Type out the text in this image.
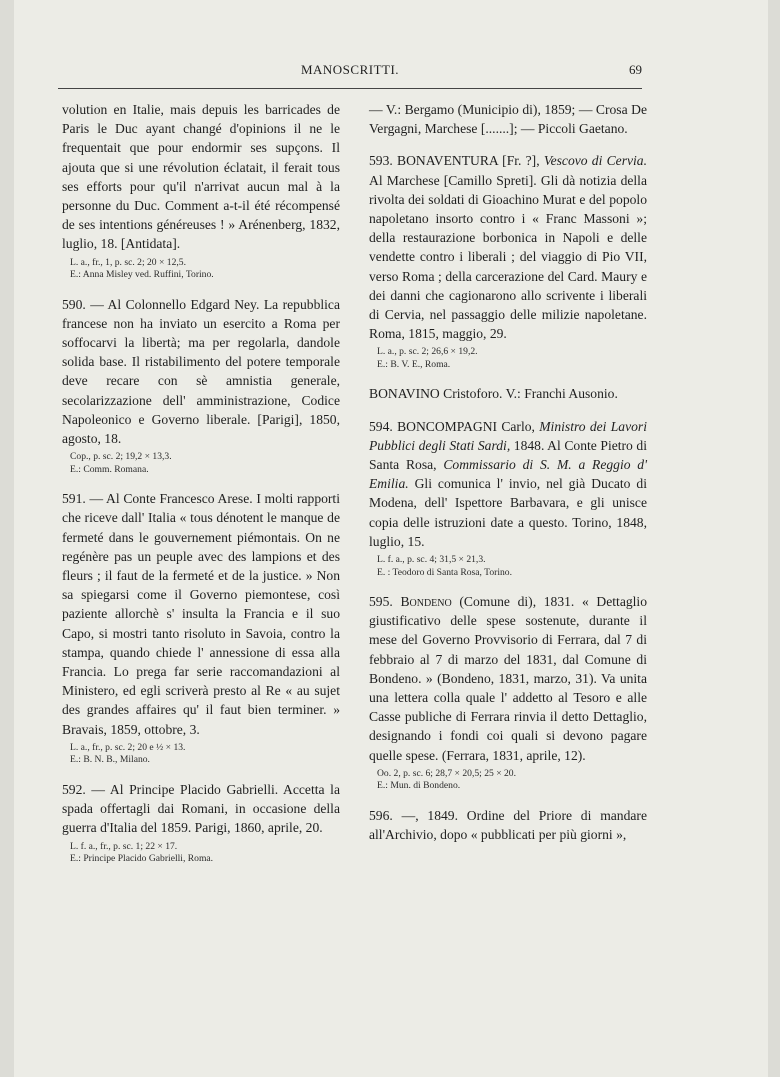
MANOSCRITTI.	69

volution en Italie, mais depuis les barricades de Paris le Duc ayant changé d'opinions il ne le frequentait que pour endormir ses supçons. Il ajouta que si une révolution éclatait, il ferait tous ses efforts pour qu'il n'arrivat aucun mal à la personne du Duc. Comment a-t-il été récompensé de ses intentions généreuses ! » Arénenberg, 1832, luglio, 18. [Antidata].

L. a., fr., 1, p. sc. 2; 20 × 12,5.
E.: Anna Misley ved. Ruffini, Torino.

590. — Al Colonnello Edgard Ney. La repubblica francese non ha inviato un esercito a Roma per soffocarvi la libertà; ma per regolarla, dandole solida base. Il ristabilimento del potere temporale deve recare con sè amnistia generale, secolarizzazione dell' amministrazione, Codice Napoleonico e Governo liberale. [Parigi], 1850, agosto, 18.

Cop., p. sc. 2; 19,2 × 13,3.
E.: Comm. Romana.

591. — Al Conte Francesco Arese. I molti rapporti che riceve dall' Italia « tous dénotent le manque de fermeté dans le gouvernement piémontais. On ne regénère pas un peuple avec des lampions et des fleurs ; il faut de la fermeté et de la justice. » Non sa spiegarsi come il Governo piemontese, così paziente allorchè s' insulta la Francia e il suo Capo, si mostri tanto risoluto in Savoia, contro la stampa, quando chiede l' annessione di essa alla Francia. Lo prega far serie raccomandazioni al Ministero, ed egli scriverà presto al Re « au sujet des grandes affaires qu' il faut bien terminer. » Bravais, 1859, ottobre, 3.

L. a., fr., p. sc. 2; 20 e ½ × 13.
E.: B. N. B., Milano.

592. — Al Principe Placido Gabrielli. Accetta la spada offertagli dai Romani, in occasione della guerra d'Italia del 1859. Parigi, 1860, aprile, 20.

L. f. a., fr., p. sc. 1; 22 × 17.
E.: Principe Placido Gabrielli, Roma.

— V.: Bergamo (Municipio di), 1859; — Crosa De Vergagni, Marchese [.......]; — Piccoli Gaetano.

593. BONAVENTURA [Fr. ?], Vescovo di Cervia. Al Marchese [Camillo Spreti]. Gli dà notizia della rivolta dei soldati di Gioachino Murat e del popolo napoletano insorto contro i « Franc Massoni »; della restaurazione borbonica in Napoli e delle vendette contro i liberali ; del viaggio di Pio VII, verso Roma ; della carcerazione del Card. Maury e dei danni che cagionarono allo scrivente i liberali di Cervia, nel passaggio delle milizie napoletane. Roma, 1815, maggio, 29.

L. a., p. sc. 2; 26,6 × 19,2.
E.: B. V. E., Roma.

BONAVINO Cristoforo. V.: Franchi Ausonio.

594. BONCOMPAGNI Carlo, Ministro dei Lavori Pubblici degli Stati Sardi, 1848. Al Conte Pietro di Santa Rosa, Commissario di S. M. a Reggio d' Emilia. Gli comunica l' invio, nel già Ducato di Modena, dell' Ispettore Barbavara, e gli unisce copia delle istruzioni date a questo. Torino, 1848, luglio, 15.

L. f. a., p. sc. 4; 31,5 × 21,3.
E. : Teodoro di Santa Rosa, Torino.

595. Bondeno (Comune di), 1831. « Dettaglio giustificativo delle spese sostenute, durante il mese del Governo Provvisorio di Ferrara, dal 7 di febbraio al 7 di marzo del 1831, dal Comune di Bondeno. » (Bondeno, 1831, marzo, 31). Va unita una lettera colla quale l' addetto al Tesoro e alle Casse publiche di Ferrara rinvia il detto Dettaglio, designando i fondi coi quali si devono pagare quelle spese. (Ferrara, 1831, aprile, 12).

Oo. 2, p. sc. 6; 28,7 × 20,5; 25 × 20.
E.: Mun. di Bondeno.

596. —, 1849. Ordine del Priore di mandare all'Archivio, dopo « pubblicati per più giorni »,
